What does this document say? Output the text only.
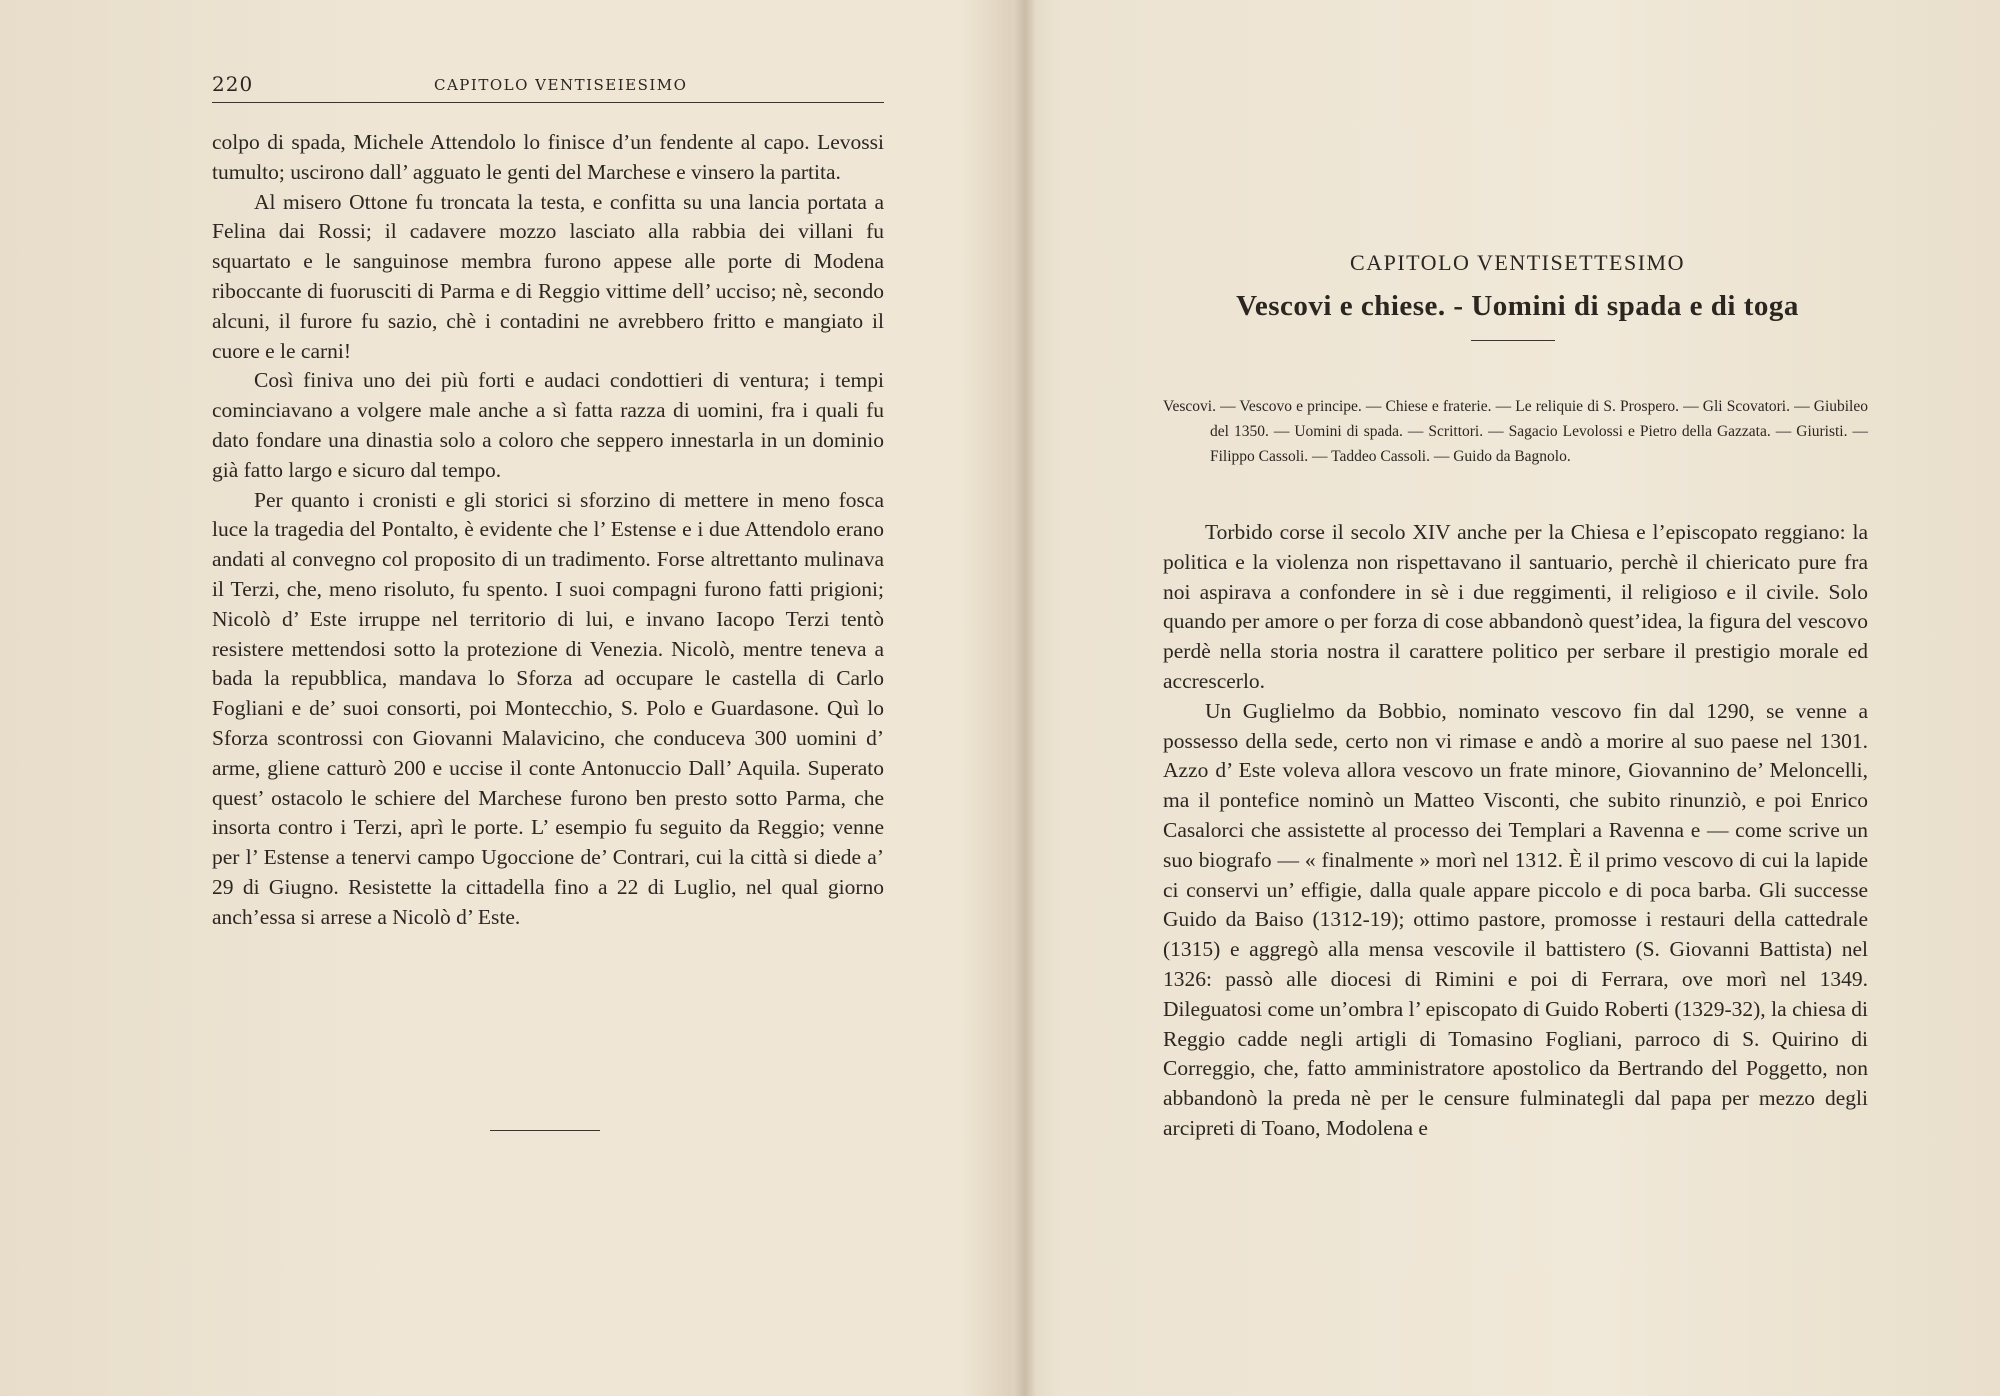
220	CAPITOLO VENTISEIESIMO

colpo di spada, Michele Attendolo lo finisce d’un fendente al capo. Levossi tumulto; uscirono dall’ agguato le genti del Marchese e vinsero la partita.

Al misero Ottone fu troncata la testa, e confitta su una lancia portata a Felina dai Rossi; il cadavere mozzo lasciato alla rabbia dei villani fu squartato e le sanguinose membra furono appese alle porte di Modena riboccante di fuorusciti di Parma e di Reggio vittime dell’ ucciso; nè, secondo alcuni, il furore fu sazio, chè i contadini ne avrebbero fritto e mangiato il cuore e le carni!

Così finiva uno dei più forti e audaci condottieri di ventura; i tempi cominciavano a volgere male anche a sì fatta razza di uomini, fra i quali fu dato fondare una dinastia solo a coloro che seppero innestarla in un dominio già fatto largo e sicuro dal tempo.

Per quanto i cronisti e gli storici si sforzino di mettere in meno fosca luce la tragedia del Pontalto, è evidente che l’ Estense e i due Attendolo erano andati al convegno col proposito di un tradimento. Forse altrettanto mulinava il Terzi, che, meno risoluto, fu spento. I suoi compagni furono fatti prigioni; Nicolò d’ Este irruppe nel territorio di lui, e invano Iacopo Terzi tentò resistere mettendosi sotto la protezione di Venezia. Nicolò, mentre teneva a bada la repubblica, mandava lo Sforza ad occupare le castella di Carlo Fogliani e de’ suoi consorti, poi Montecchio, S. Polo e Guardasone. Quì lo Sforza scontrossi con Giovanni Malavicino, che conduceva 300 uomini d’ arme, gliene catturò 200 e uccise il conte Antonuccio Dall’ Aquila. Superato quest’ ostacolo le schiere del Marchese furono ben presto sotto Parma, che insorta contro i Terzi, aprì le porte. L’ esempio fu seguito da Reggio; venne per l’ Estense a tenervi campo Ugoccione de’ Contrari, cui la città si diede a’ 29 di Giugno. Resistette la cittadella fino a 22 di Luglio, nel qual giorno anch’essa si arrese a Nicolò d’ Este.

CAPITOLO VENTISETTESIMO
Vescovi e chiese. - Uomini di spada e di toga
Vescovi. — Vescovo e principe. — Chiese e fraterie. — Le reliquie di S. Prospero. — Gli Scovatori. — Giubileo del 1350. — Uomini di spada. — Scrittori. — Sagacio Levolossi e Pietro della Gazzata. — Giuristi. — Filippo Cassoli. — Taddeo Cassoli. — Guido da Bagnolo.

Torbido corse il secolo XIV anche per la Chiesa e l’episcopato reggiano: la politica e la violenza non rispettavano il santuario, perchè il chiericato pure fra noi aspirava a confondere in sè i due reggimenti, il religioso e il civile. Solo quando per amore o per forza di cose abbandonò quest’idea, la figura del vescovo perdè nella storia nostra il carattere politico per serbare il prestigio morale ed accrescerlo.

Un Guglielmo da Bobbio, nominato vescovo fin dal 1290, se venne a possesso della sede, certo non vi rimase e andò a morire al suo paese nel 1301. Azzo d’ Este voleva allora vescovo un frate minore, Giovannino de’ Meloncelli, ma il pontefice nominò un Matteo Visconti, che subito rinunziò, e poi Enrico Casalorci che assistette al processo dei Templari a Ravenna e — come scrive un suo biografo — « finalmente » morì nel 1312. È il primo vescovo di cui la lapide ci conservi un’ effigie, dalla quale appare piccolo e di poca barba. Gli successe Guido da Baiso (1312-19); ottimo pastore, promosse i restauri della cattedrale (1315) e aggregò alla mensa vescovile il battistero (S. Giovanni Battista) nel 1326: passò alle diocesi di Rimini e poi di Ferrara, ove morì nel 1349. Dileguatosi come un’ombra l’ episcopato di Guido Roberti (1329-32), la chiesa di Reggio cadde negli artigli di Tomasino Fogliani, parroco di S. Quirino di Correggio, che, fatto amministratore apostolico da Bertrando del Poggetto, non abbandonò la preda nè per le censure fulminategli dal papa per mezzo degli arcipreti di Toano, Modolena e
